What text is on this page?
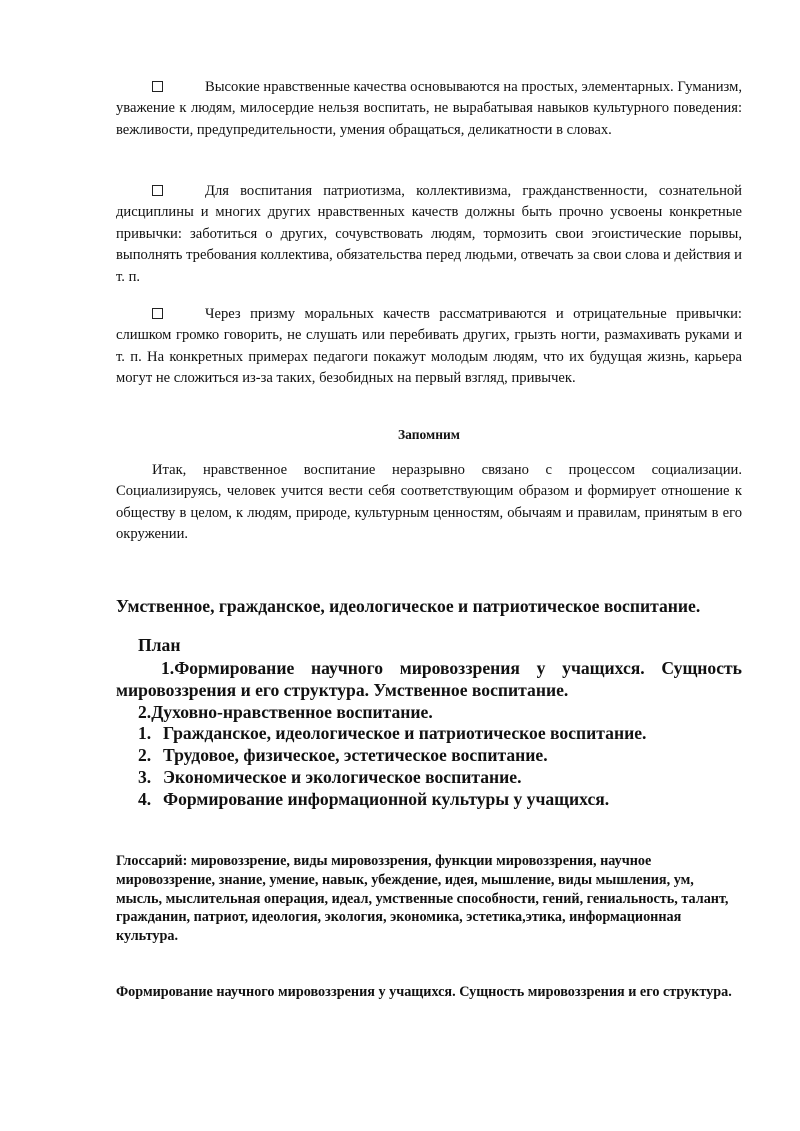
Высокие нравственные качества основываются на простых, элементарных. Гуманизм, уважение к людям, милосердие нельзя воспитать, не вырабатывая навыков культурного поведения: вежливости, предупредительности, умения обращаться, деликатности в словах.

Для воспитания патриотизма, коллективизма, гражданственности, сознательной дисциплины и многих других нравственных качеств должны быть прочно усвоены конкретные привычки: заботиться о других, сочувствовать людям, тормозить свои эгоистические порывы, выполнять требования коллектива, обязательства перед людьми, отвечать за свои слова и действия и т. п.

Через призму моральных качеств рассматриваются и отрицательные привычки: слишком громко говорить, не слушать или перебивать других, грызть ногти, размахивать руками и т. п. На конкретных примерах педагоги покажут молодым людям, что их будущая жизнь, карьера могут не сложиться из-за таких, безобидных на первый взгляд, привычек.

Запомним

Итак, нравственное воспитание неразрывно связано с процессом социализации. Социализируясь, человек учится вести себя соответствующим образом и формирует отношение к обществу в целом, к людям, природе, культурным ценностям, обычаям и правилам, принятым в его окружении.

Умственное, гражданское, идеологическое и патриотическое воспитание.

План

1.Формирование научного мировоззрения у учащихся. Сущность мировоззрения и его структура. Умственное воспитание.

2.Духовно-нравственное воспитание.

1. Гражданское, идеологическое и патриотическое воспитание.
2. Трудовое, физическое, эстетическое воспитание.
3. Экономическое и экологическое воспитание.
4. Формирование информационной культуры у учащихся.
Глоссарий: мировоззрение, виды мировоззрения, функции мировоззрения, научное мировоззрение, знание, умение, навык, убеждение, идея, мышление, виды мышления, ум, мысль, мыслительная операция, идеал, умственные способности, гений, гениальность, талант,
гражданин, патриот, идеология, экология, экономика, эстетика,этика, информационная культура.

Формирование научного мировоззрения у учащихся. Сущность мировоззрения и его структура.
